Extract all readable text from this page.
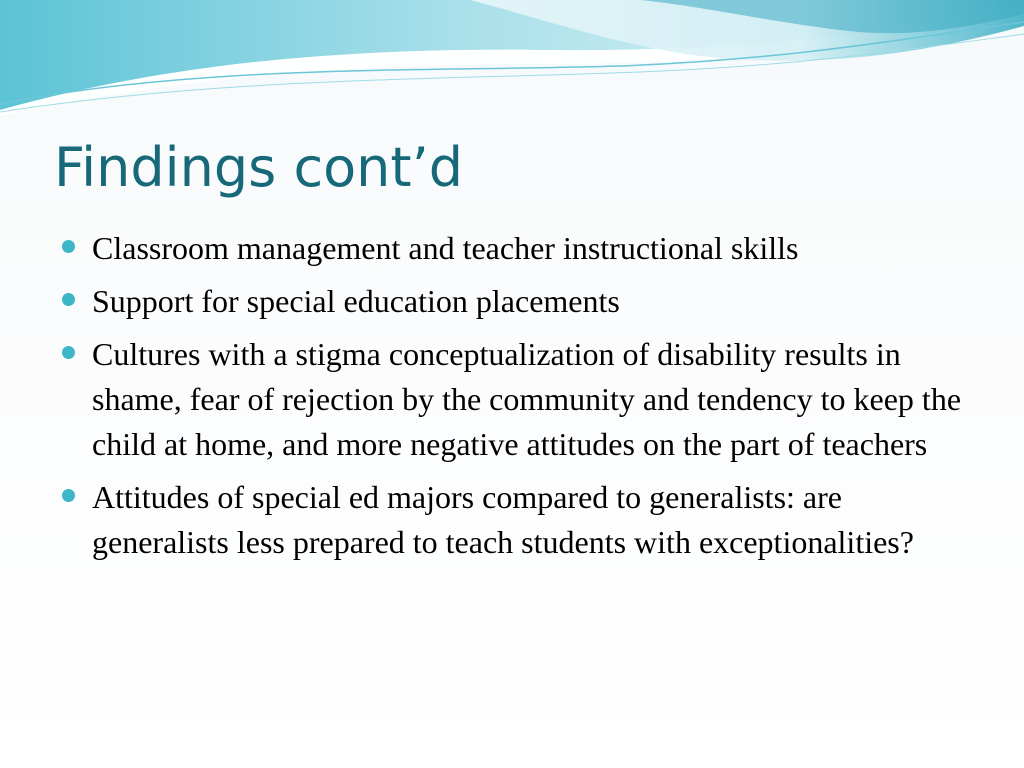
Findings cont’d
Classroom management and teacher instructional skills
Support for special education placements
Cultures with a stigma conceptualization of disability results in shame, fear of rejection by the community and tendency to keep the child at home, and more negative attitudes on the part of teachers
Attitudes of special ed majors compared to generalists: are generalists less prepared to teach students with exceptionalities?
